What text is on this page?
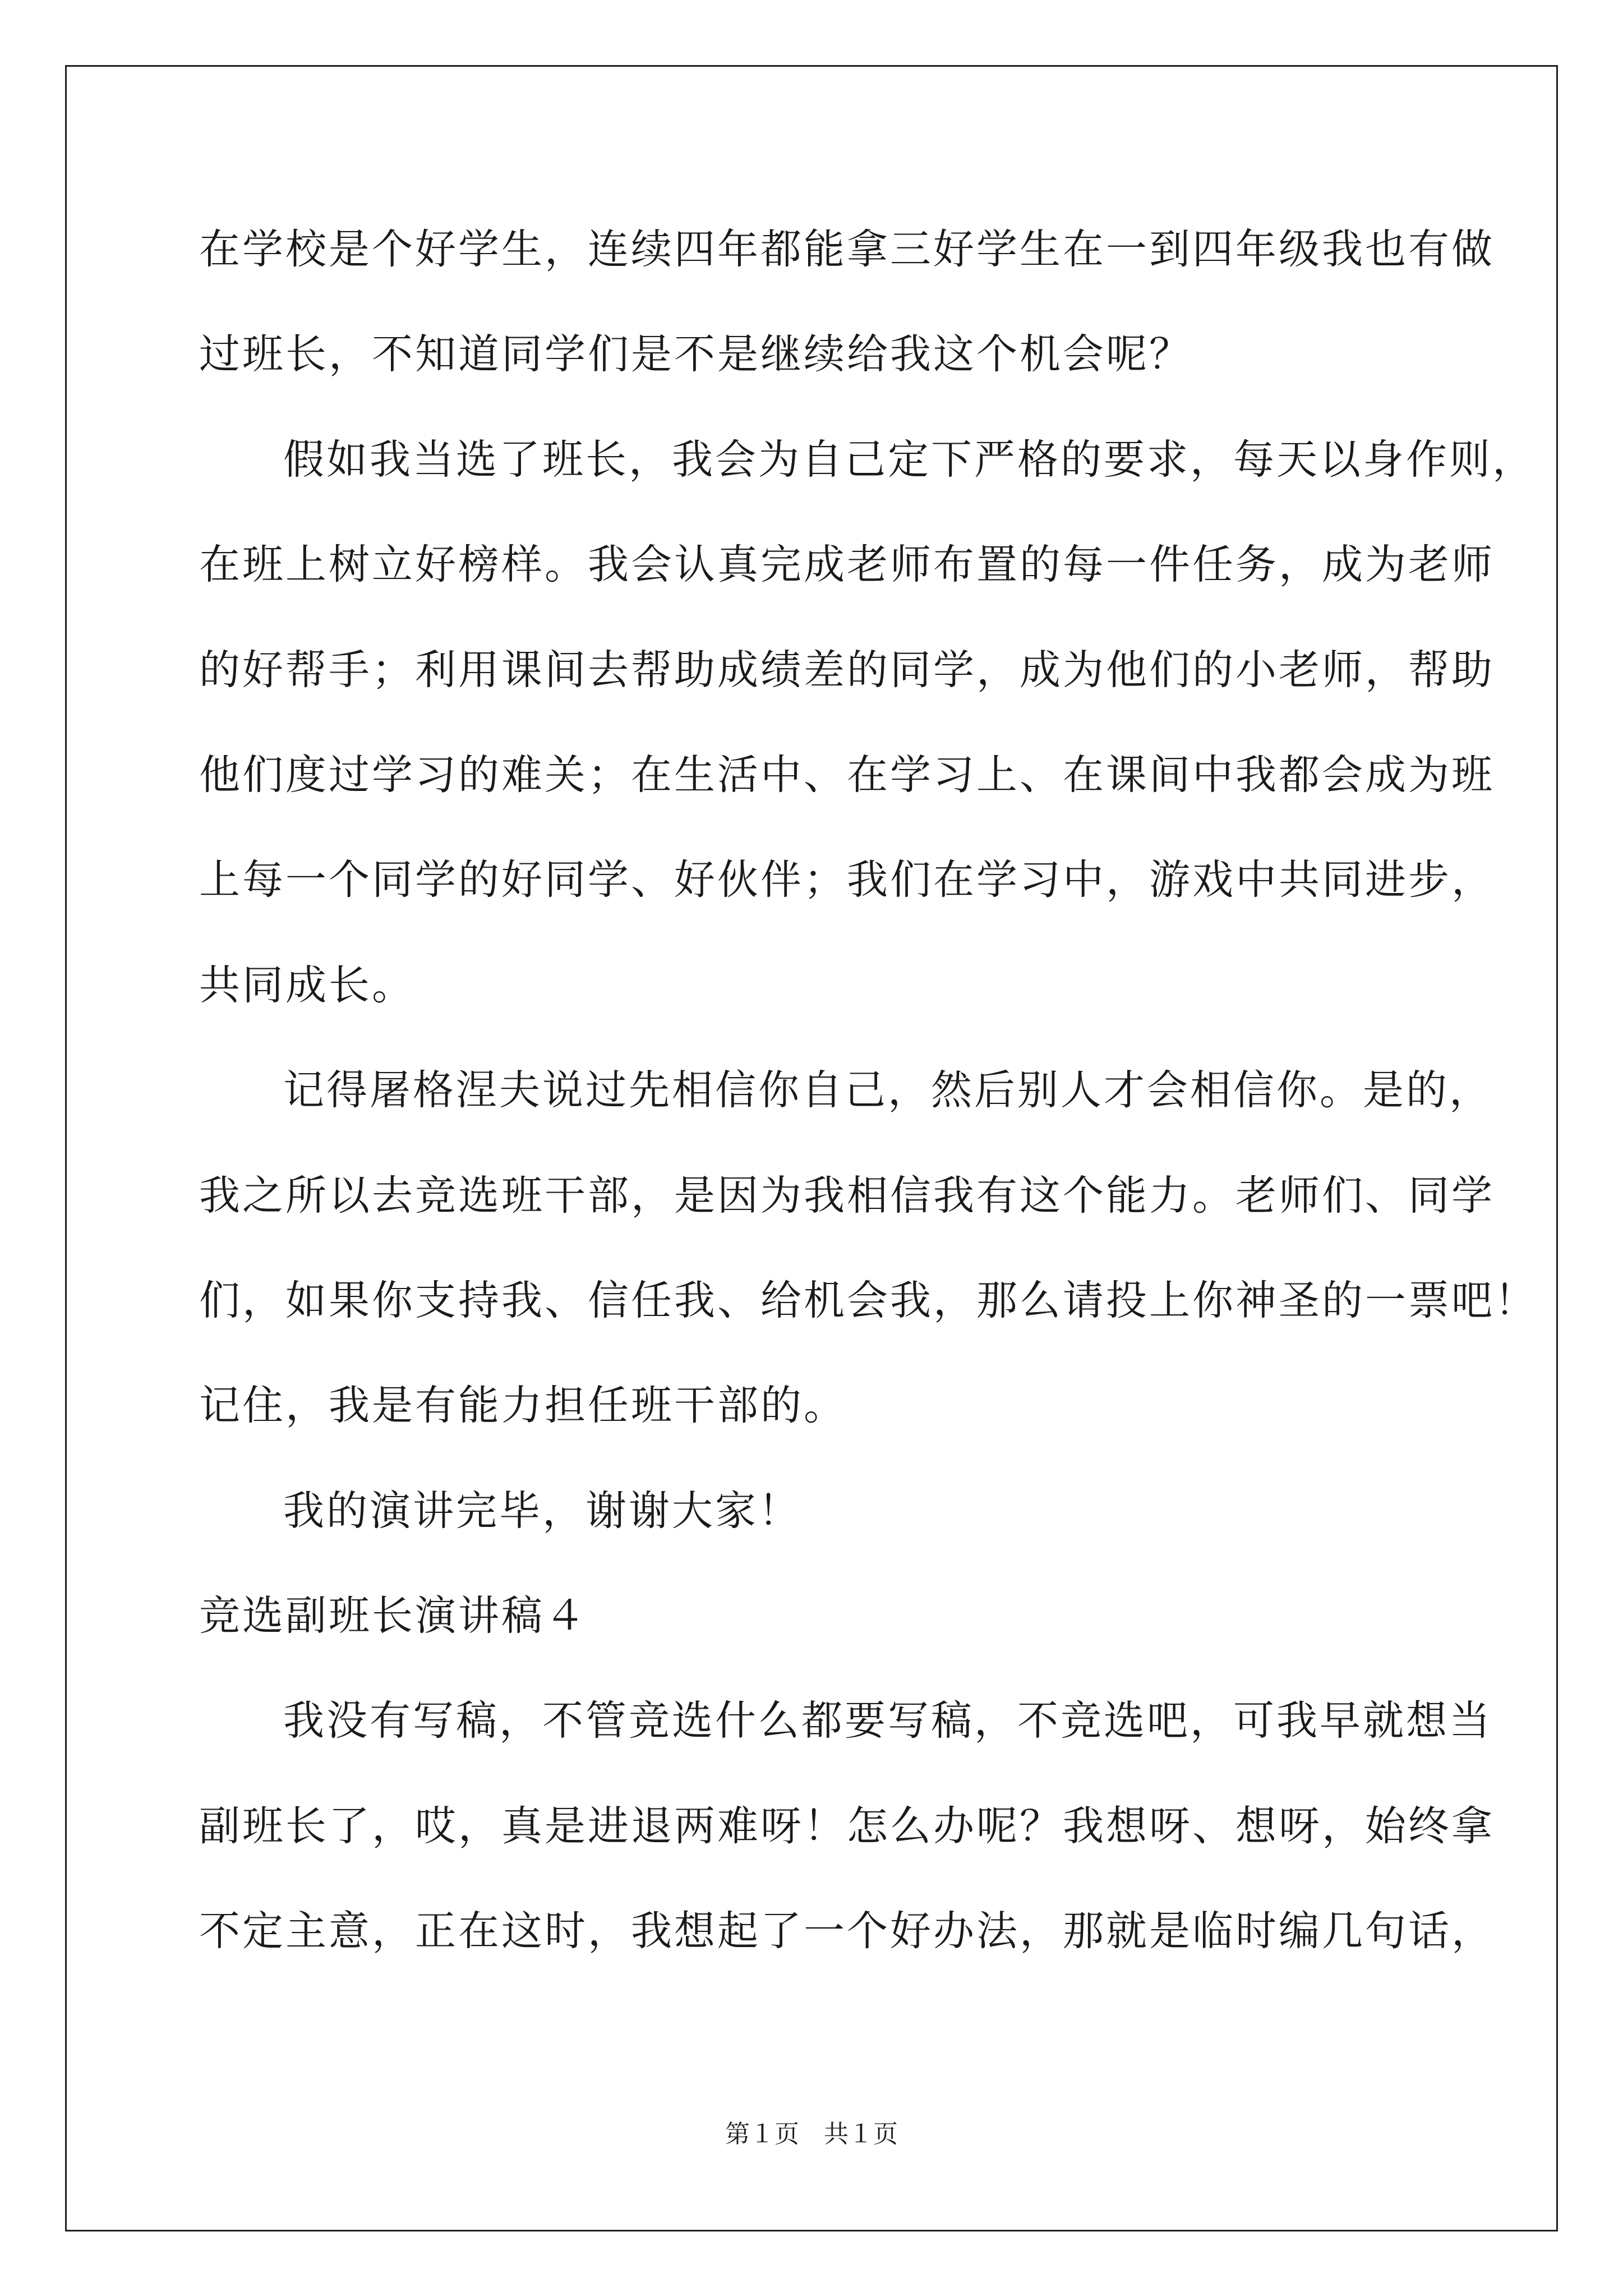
在学校是个好学生，连续四年都能拿三好学生在一到四年级我也有做
过班长，不知道同学们是不是继续给我这个机会呢？
假如我当选了班长，我会为自己定下严格的要求，每天以身作则，
在班上树立好榜样。我会认真完成老师布置的每一件任务，成为老师
的好帮手；利用课间去帮助成绩差的同学，成为他们的小老师，帮助
他们度过学习的难关；在生活中、在学习上、在课间中我都会成为班
上每一个同学的好同学、好伙伴；我们在学习中，游戏中共同进步，
共同成长。
记得屠格涅夫说过先相信你自己，然后别人才会相信你。是的，
我之所以去竞选班干部，是因为我相信我有这个能力。老师们、同学
们，如果你支持我、信任我、给机会我，那么请投上你神圣的一票吧！
记住，我是有能力担任班干部的。
我的演讲完毕，谢谢大家！
竞选副班长演讲稿４
我没有写稿，不管竞选什么都要写稿，不竞选吧，可我早就想当
副班长了，哎，真是进退两难呀！怎么办呢？我想呀、想呀，始终拿
不定主意，正在这时，我想起了一个好办法，那就是临时编几句话，
第１页　共１页
